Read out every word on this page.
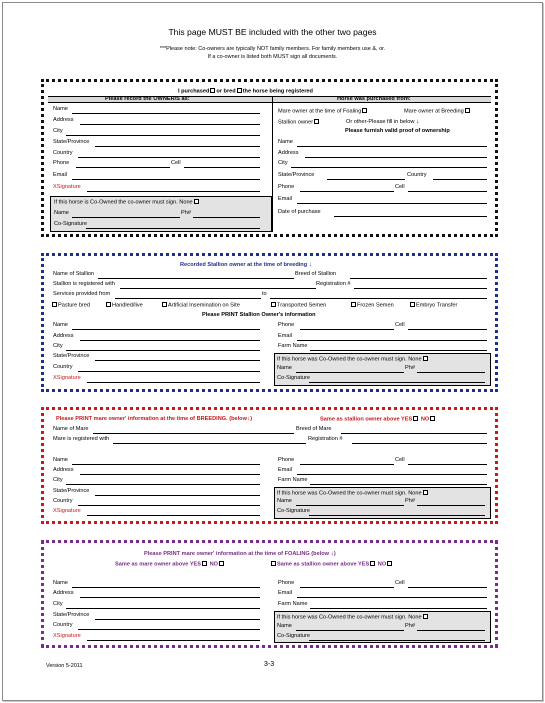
This page MUST BE included with the other two pages
***Please note: Co-owners are typically NOT family members. For family members use &, or.
If a co-owner is listed both MUST sign all documents.
I purchased or bred the horse being registered
Please record the OWNER/S as:	Horse was purchased from:
Name
Address
City
State/Province
Country
Phone	Cell
Email
XSignature
If this horse is Co-Owned the co-owner must sign. None
Name	Ph#
Co-Signature
Mare owner at the time of Foaling	Mare owner at Breeding
Stallion owner	Or other-Please fill in below ↓
Please furnish valid proof of ownership
Name
Address
City
State/Province	Country
Phone	Cell
Email
Date of purchase
Recorded Stallion owner at the time of breeding ↓
Name of Stallion	Breed of Stallion
Stallion is registered with	Registration #
Services provided from	to
Pasture bred	Handled/live	Artificial Insemination on Site	Transported Semen	Frozen Semen	Embryo Transfer
Please PRINT Stallion Owner's information
Name
Address
City
State/Province
Country
XSignature
Phone	Cell
Email
Farm Name
If this horse was Co-Owned the co-owner must sign. None
Name	Ph#
Co-Signature
Please PRINT mare owner' information at the time of BREEDING. (below↓)	Same as stallion owner above YES NO
Name of Mare	Breed of Mare
Mare is registered with	Registration #
Name
Address
City
State/Province
Country
XSignature
Phone	Cell
Email
Farm Name
If this horse was Co-Owned the co-owner must sign. None
Name	Ph#
Co-Signature
Please PRINT mare owner' information at the time of FOALING (below ↓)
Same as mare owner above YES NO	Same as stallion owner above YES NO
Name
Address
City
State/Province
Country
XSignature
Phone	Cell
Email
Farm Name
If this horse was Co-Owned the co-owner must sign. None
Name	Ph#
Co-Signature
Version 5-2011	3-3
